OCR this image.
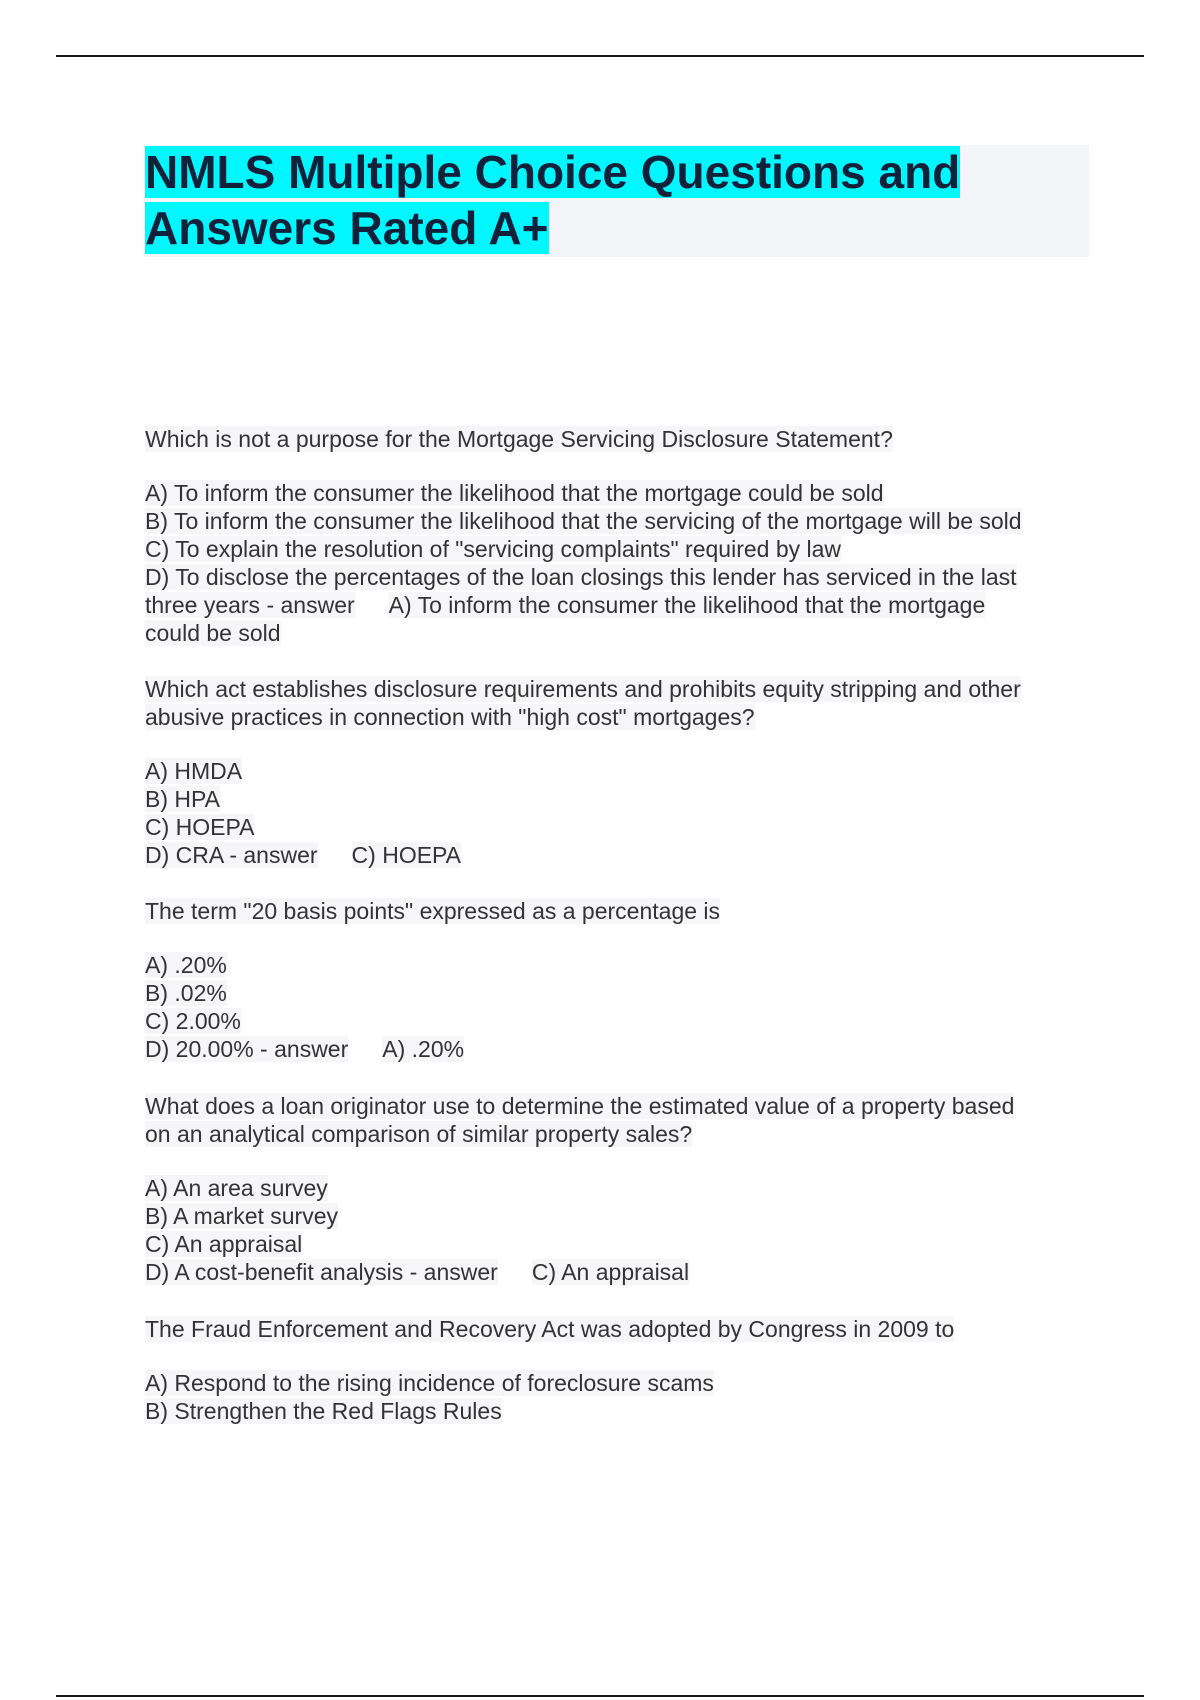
NMLS Multiple Choice Questions and
Answers Rated A+

Which is not a purpose for the Mortgage Servicing Disclosure Statement?

A) To inform the consumer the likelihood that the mortgage could be sold
B) To inform the consumer the likelihood that the servicing of the mortgage will be sold
C) To explain the resolution of "servicing complaints" required by law
D) To disclose the percentages of the loan closings this lender has serviced in the last
three years - answer A) To inform the consumer the likelihood that the mortgage
could be sold

Which act establishes disclosure requirements and prohibits equity stripping and other
abusive practices in connection with "high cost" mortgages?

A) HMDA
B) HPA
C) HOEPA
D) CRA - answer C) HOEPA

The term "20 basis points" expressed as a percentage is

A) .20%
B) .02%
C) 2.00%
D) 20.00% - answer A) .20%

What does a loan originator use to determine the estimated value of a property based
on an analytical comparison of similar property sales?

A) An area survey
B) A market survey
C) An appraisal
D) A cost-benefit analysis - answer C) An appraisal

The Fraud Enforcement and Recovery Act was adopted by Congress in 2009 to

A) Respond to the rising incidence of foreclosure scams
B) Strengthen the Red Flags Rules
